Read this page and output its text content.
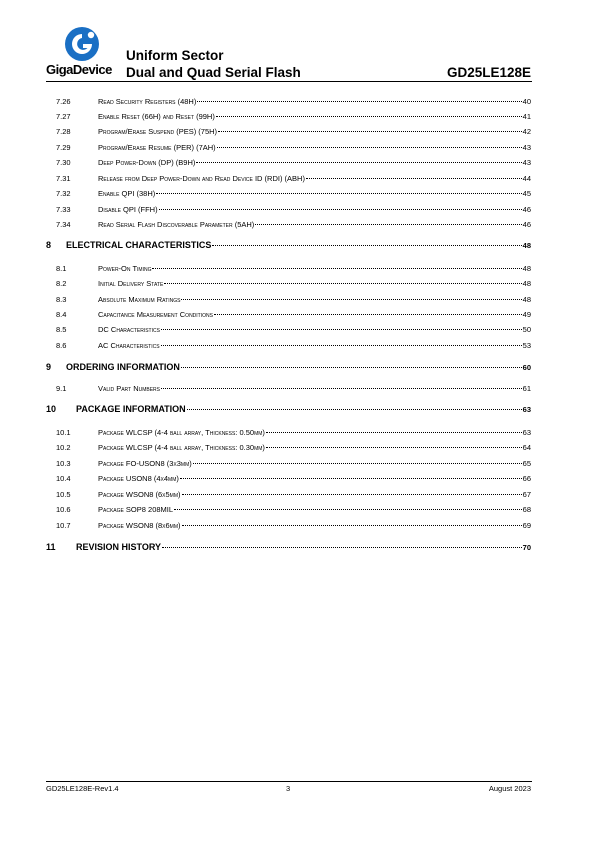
GigaDevice
Uniform Sector
Dual and Quad Serial Flash	GD25LE128E
7.26	Read Security Registers (48H)	40
7.27	Enable Reset (66H) and Reset (99H)	41
7.28	Program/Erase Suspend (PES) (75H)	42
7.29	Program/Erase Resume (PER) (7AH)	43
7.30	Deep Power-Down (DP) (B9H)	43
7.31	Release from Deep Power-Down and Read Device ID (RDI) (ABH)	44
7.32	Enable QPI (38H)	45
7.33	Disable QPI (FFH)	46
7.34	Read Serial Flash Discoverable Parameter (5AH)	46
8	ELECTRICAL CHARACTERISTICS	48
8.1	Power-On Timing	48
8.2	Initial Delivery State	48
8.3	Absolute Maximum Ratings	48
8.4	Capacitance Measurement Conditions	49
8.5	DC Characteristics	50
8.6	AC Characteristics	53
9	ORDERING INFORMATION	60
9.1	Valid Part Numbers	61
10	PACKAGE INFORMATION	63
10.1	Package WLCSP (4-4 ball array, Thickness: 0.50mm)	63
10.2	Package WLCSP (4-4 ball array, Thickness: 0.30mm)	64
10.3	Package FO-USON8 (3x3mm)	65
10.4	Package USON8 (4x4mm)	66
10.5	Package WSON8 (6x5mm)	67
10.6	Package SOP8 208MIL	68
10.7	Package WSON8 (8x6mm)	69
11	REVISION HISTORY	70
GD25LE128E-Rev1.4	3	August 2023
